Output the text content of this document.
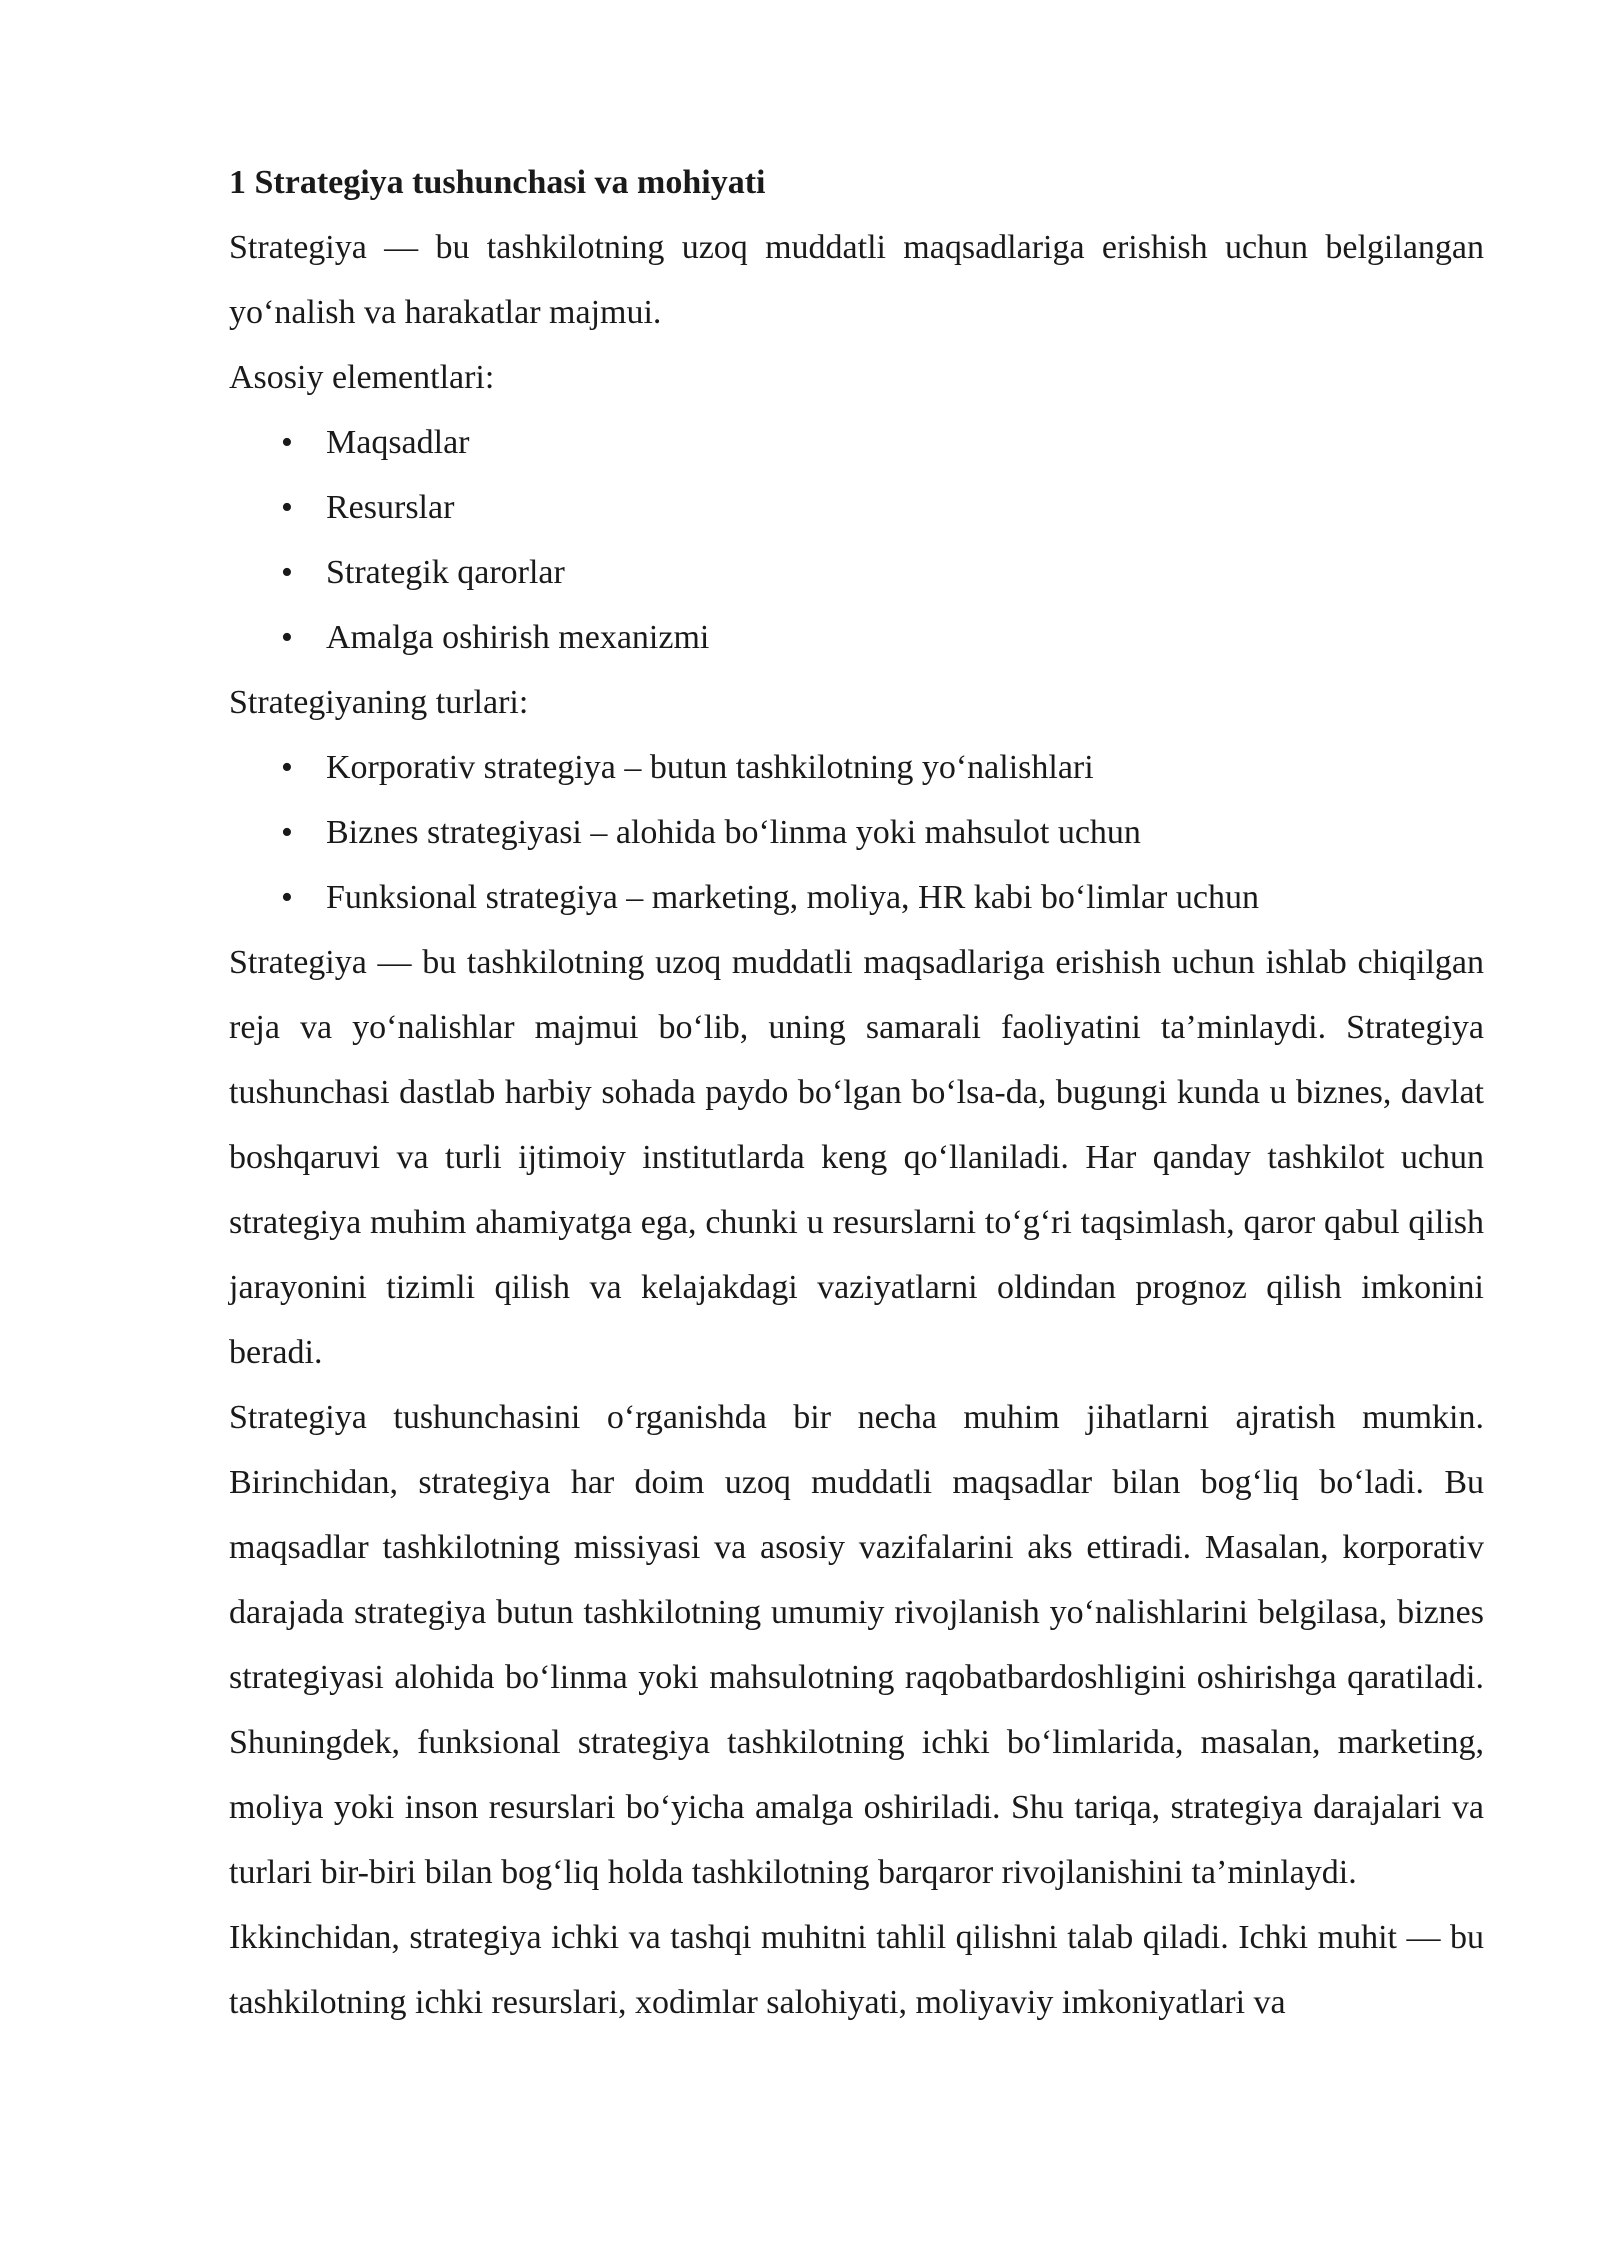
1 Strategiya tushunchasi va mohiyati

Strategiya — bu tashkilotning uzoq muddatli maqsadlariga erishish uchun belgilangan yo‘nalish va harakatlar majmui.

Asosiy elementlari:

• Maqsadlar
• Resurslar
• Strategik qarorlar
• Amalga oshirish mexanizmi

Strategiyaning turlari:

• Korporativ strategiya – butun tashkilotning yo‘nalishlari
• Biznes strategiyasi – alohida bo‘linma yoki mahsulot uchun
• Funksional strategiya – marketing, moliya, HR kabi bo‘limlar uchun

Strategiya — bu tashkilotning uzoq muddatli maqsadlariga erishish uchun ishlab chiqilgan reja va yo‘nalishlar majmui bo‘lib, uning samarali faoliyatini ta’minlaydi. Strategiya tushunchasi dastlab harbiy sohada paydo bo‘lgan bo‘lsa-da, bugungi kunda u biznes, davlat boshqaruvi va turli ijtimoiy institutlarda keng qo‘llaniladi. Har qanday tashkilot uchun strategiya muhim ahamiyatga ega, chunki u resurslarni to‘g‘ri taqsimlash, qaror qabul qilish jarayonini tizimli qilish va kelajakdagi vaziyatlarni oldindan prognoz qilish imkonini beradi.

Strategiya tushunchasini o‘rganishda bir necha muhim jihatlarni ajratish mumkin. Birinchidan, strategiya har doim uzoq muddatli maqsadlar bilan bog‘liq bo‘ladi. Bu maqsadlar tashkilotning missiyasi va asosiy vazifalarini aks ettiradi. Masalan, korporativ darajada strategiya butun tashkilotning umumiy rivojlanish yo‘nalishlarini belgilasa, biznes strategiyasi alohida bo‘linma yoki mahsulotning raqobatbardoshligini oshirishga qaratiladi. Shuningdek, funksional strategiya tashkilotning ichki bo‘limlarida, masalan, marketing, moliya yoki inson resurslari bo‘yicha amalga oshiriladi. Shu tariqa, strategiya darajalari va turlari bir-biri bilan bog‘liq holda tashkilotning barqaror rivojlanishini ta’minlaydi.

Ikkinchidan, strategiya ichki va tashqi muhitni tahlil qilishni talab qiladi. Ichki muhit — bu tashkilotning ichki resurslari, xodimlar salohiyati, moliyaviy imkoniyatlari va
